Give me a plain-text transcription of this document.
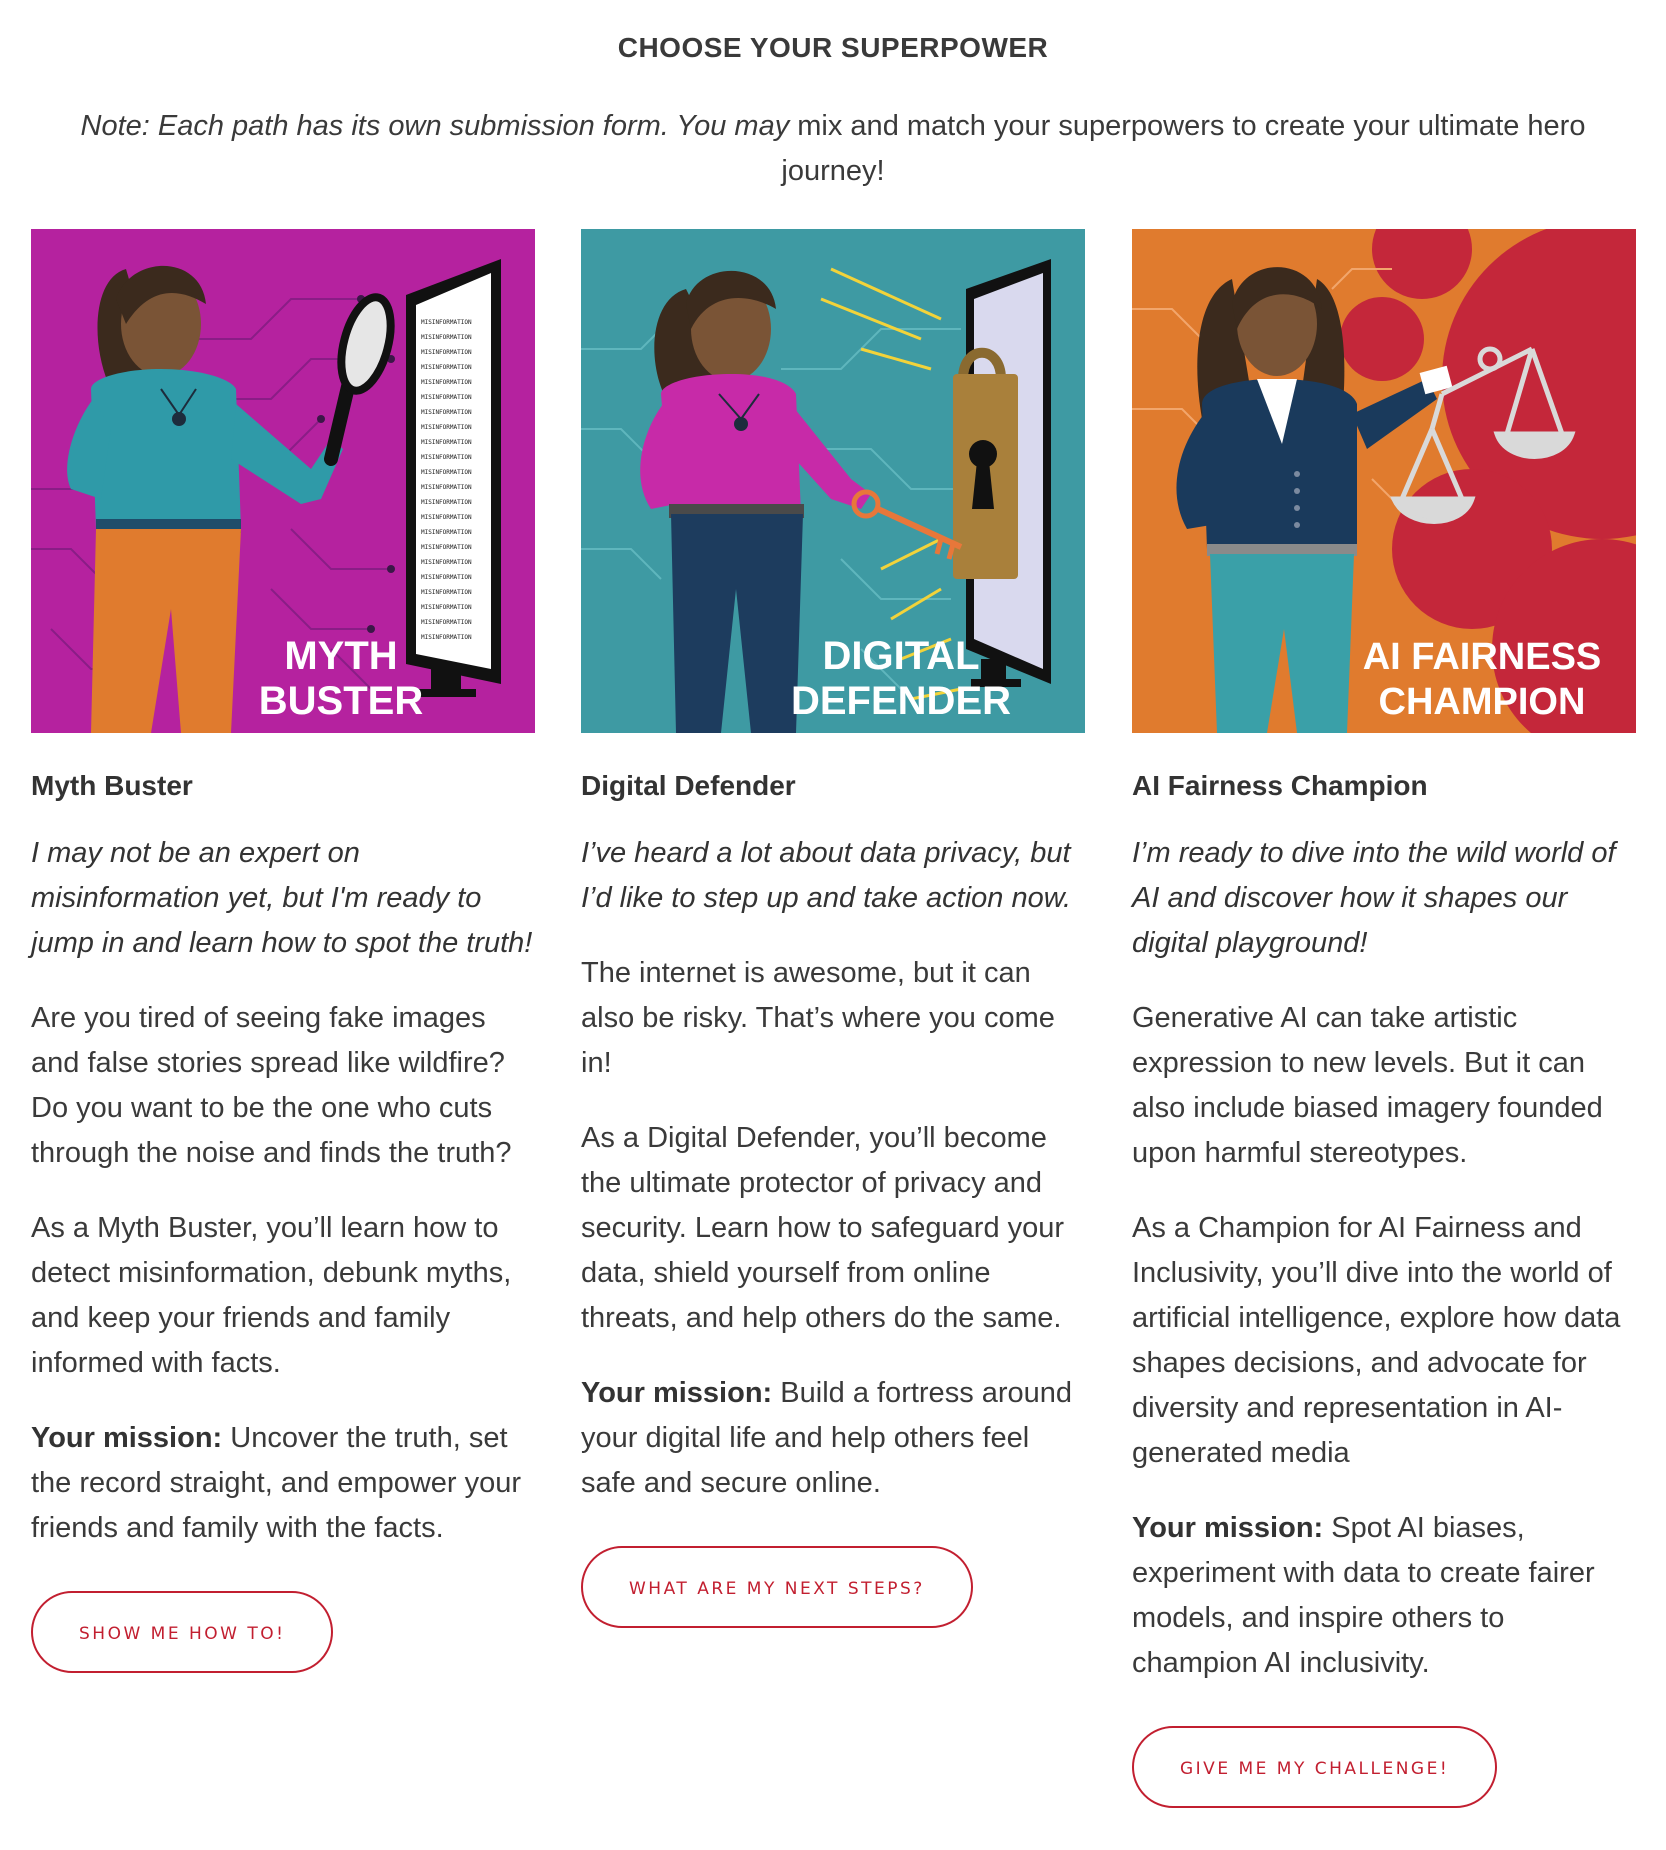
CHOOSE YOUR SUPERPOWER

Note: Each path has its own submission form. You may mix and match your superpowers to create your ultimate hero journey!

MISINFORMATION
MISINFORMATION
MISINFORMATION
MISINFORMATION
MISINFORMATION
MISINFORMATION
MISINFORMATION
MISINFORMATION
MISINFORMATION
MISINFORMATION
MISINFORMATION
MISINFORMATION
MISINFORMATION
MISINFORMATION
MISINFORMATION
MISINFORMATION
MISINFORMATION
MISINFORMATION
MISINFORMATION
MISINFORMATION
MISINFORMATION
MISINFORMATION
MYTH
BUSTER
Myth Buster

I may not be an expert on misinformation yet, but I'm ready to jump in and learn how to spot the truth!

Are you tired of seeing fake images and false stories spread like wildfire? Do you want to be the one who cuts through the noise and finds the truth?

As a Myth Buster, you’ll learn how to detect misinformation, debunk myths, and keep your friends and family informed with facts.

Your mission: Uncover the truth, set the record straight, and empower your friends and family with the facts.

SHOW ME HOW TO!
DIGITAL
DEFENDER
Digital Defender

I’ve heard a lot about data privacy, but I’d like to step up and take action now.

The internet is awesome, but it can also be risky. That’s where you come in!

As a Digital Defender, you’ll become the ultimate protector of privacy and security. Learn how to safeguard your data, shield yourself from online threats, and help others do the same.

Your mission: Build a fortress around your digital life and help others feel safe and secure online.

WHAT ARE MY NEXT STEPS?
AI FAIRNESS
CHAMPION
AI Fairness Champion

I’m ready to dive into the wild world of AI and discover how it shapes our digital playground!

Generative AI can take artistic expression to new levels. But it can also include biased imagery founded upon harmful stereotypes.

As a Champion for AI Fairness and Inclusivity, you’ll dive into the world of artificial intelligence, explore how data shapes decisions, and advocate for diversity and representation in AI-generated media

Your mission: Spot AI biases, experiment with data to create fairer models, and inspire others to champion AI inclusivity.

GIVE ME MY CHALLENGE!
